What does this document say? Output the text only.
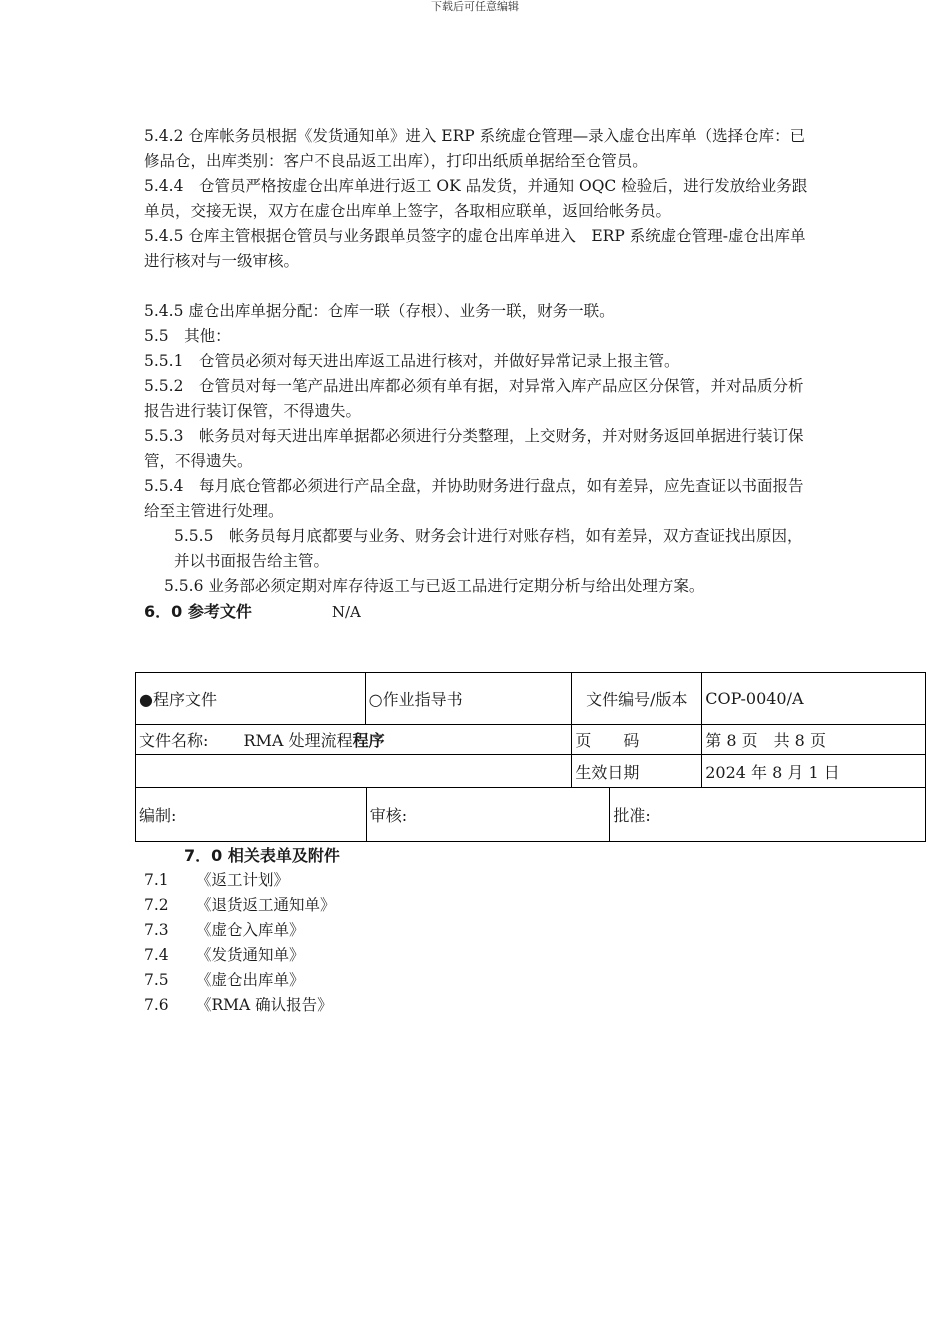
下载后可任意编辑

5.4.2 仓库帐务员根据《发货通知单》进入 ERP 系统虚仓管理—录入虚仓出库单（选择仓库：已修品仓，出库类别：客户不良品返工出库），打印出纸质单据给至仓管员。

5.4.4　仓管员严格按虚仓出库单进行返工 OK 品发货，并通知 OQC 检验后，进行发放给业务跟单员，交接无误，双方在虚仓出库单上签字，各取相应联单，返回给帐务员。

5.4.5 仓库主管根据仓管员与业务跟单员签字的虚仓出库单进入　ERP 系统虚仓管理-虚仓出库单进行核对与一级审核。

5.4.5 虚仓出库单据分配：仓库一联（存根）、业务一联，财务一联。

5.5　其他：

5.5.1　仓管员必须对每天进出库返工品进行核对，并做好异常记录上报主管。

5.5.2　仓管员对每一笔产品进出库都必须有单有据，对异常入库产品应区分保管，并对品质分析报告进行装订保管，不得遗失。

5.5.3　帐务员对每天进出库单据都必须进行分类整理，上交财务，并对财务返回单据进行装订保管，不得遗失。

5.5.4　每月底仓管都必须进行产品全盘，并协助财务进行盘点，如有差异，应先查证以书面报告给至主管进行处理。

5.5.5　帐务员每月底都要与业务、财务会计进行对账存档，如有差异，双方查证找出原因，并以书面报告给主管。

5.5.6 业务部必须定期对库存待返工与已返工品进行定期分析与给出处理方案。

6．0 参考文件	N/A

●程序文件	○作业指导书	文件编号/版本	COP-0040/A
文件名称: RMA 处理流程程序		页　　码	第 8 页　共 8 页
		生效日期	2024 年 8 月 1 日
编制:	审核:	批准:

7．0 相关表单及附件

7.1 《返工计划》

7.2 《退货返工通知单》

7.3 《虚仓入库单》

7.4 《发货通知单》

7.5 《虚仓出库单》

7.6 《RMA 确认报告》
